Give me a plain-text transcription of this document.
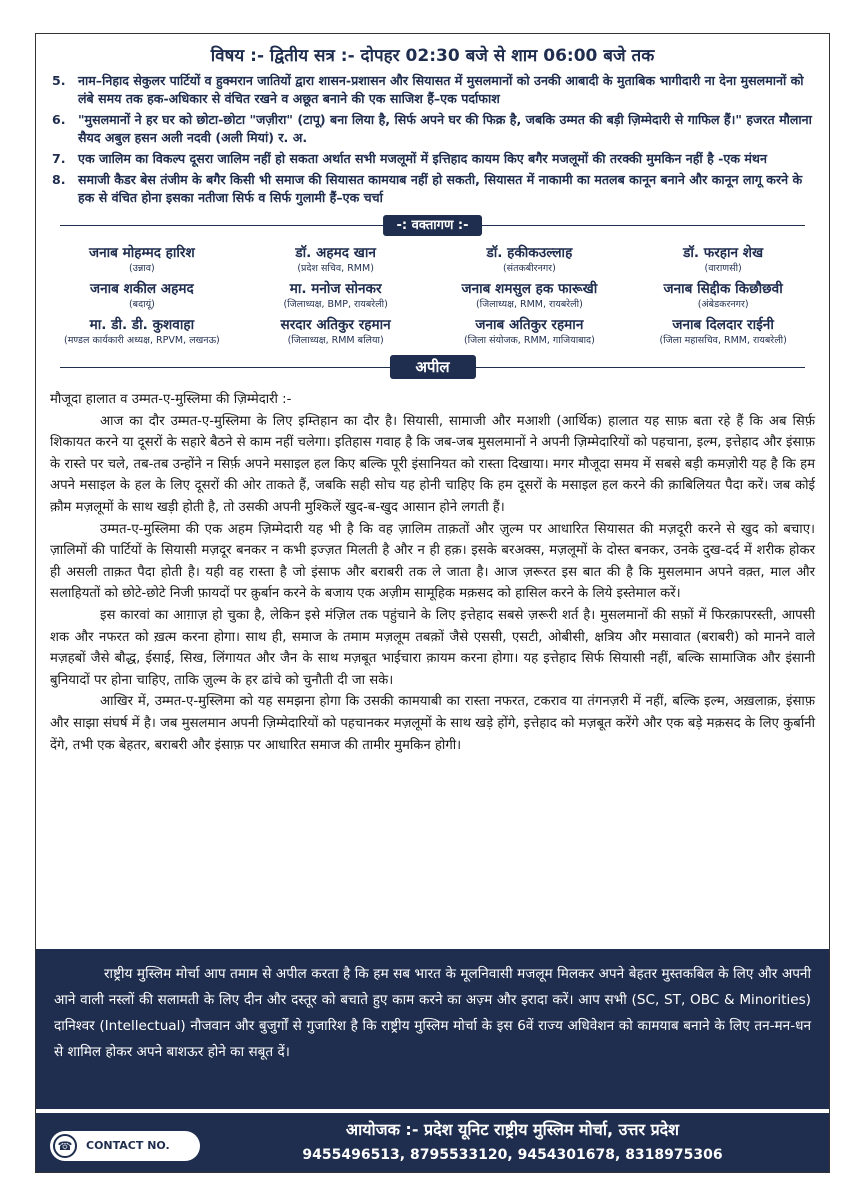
विषय :- द्वितीय सत्र :- दोपहर 02:30 बजे से शाम 06:00 बजे तक
5. नाम–निहाद सेकुलर पार्टियों व हुक्मरान जातियों द्वारा शासन-प्रशासन और सियासत में मुसलमानों को उनकी आबादी के मुताबिक भागीदारी ना देना मुसलमानों को लंबे समय तक हक-अधिकार से वंचित रखने व अछूत बनाने की एक साजिश हैं–एक पर्दाफाश
6. "मुसलमानों ने हर घर को छोटा-छोटा "जज़ीरा" (टापू) बना लिया है, सिर्फ अपने घर की फिक्र है, जबकि उम्मत की बड़ी ज़िम्मेदारी से गाफिल हैं।" हजरत मौलाना सैयद अबुल हसन अली नदवी (अली मियां) र. अ.
7. एक जालिम का विकल्प दूसरा जालिम नहीं हो सकता अर्थात सभी मजलूमों में इत्तिहाद कायम किए बगैर मजलूमों की तरक्की मुमकिन नहीं है -एक मंथन
8. समाजी कैडर बेस तंजीम के बगैर किसी भी समाज की सियासत कामयाब नहीं हो सकती, सियासत में नाकामी का मतलब कानून बनाने और कानून लागू करने के हक से वंचित होना इसका नतीजा सिर्फ व सिर्फ गुलामी हैं–एक चर्चा
-: वक्तागण :-
जनाब मोहम्मद हारिश
(उन्नाव)
डॉ. अहमद खान
(प्रदेश सचिव, RMM)
डॉ. हकीकउल्लाह
(संतकबीरनगर)
डॉ. फरहान शेख
(वाराणसी)
जनाब शकील अहमद
(बदायूं)
मा. मनोज सोनकर
(जिलाध्यक्ष, BMP, रायबरेली)
जनाब शमसुल हक फारूखी
(जिलाध्यक्ष, RMM, रायबरेली)
जनाब सिद्दीक किछौछवी
(अंबेडकरनगर)
मा. डी. डी. कुशवाहा
(मण्डल कार्यकारी अध्यक्ष, RPVM, लखनऊ)
सरदार अतिकुर रहमान
(जिलाध्यक्ष, RMM बलिया)
जनाब अतिकुर रहमान
(जिला संयोजक, RMM, गाजियाबाद)
जनाब दिलदार राईनी
(जिला महासचिव, RMM, रायबरेली)
अपील
मौजूदा हालात व उम्मत-ए-मुस्लिमा की ज़िम्मेदारी :-

आज का दौर उम्मत-ए-मुस्लिमा के लिए इम्तिहान का दौर है। सियासी, सामाजी और मआशी (आर्थिक) हालात यह साफ़ बता रहे हैं कि अब सिर्फ़ शिकायत करने या दूसरों के सहारे बैठने से काम नहीं चलेगा। इतिहास गवाह है कि जब-जब मुसलमानों ने अपनी ज़िम्मेदारियों को पहचाना, इल्म, इत्तेहाद और इंसाफ़ के रास्ते पर चले, तब-तब उन्होंने न सिर्फ़ अपने मसाइल हल किए बल्कि पूरी इंसानियत को रास्ता दिखाया। मगर मौजूदा समय में सबसे बड़ी कमज़ोरी यह है कि हम अपने मसाइल के हल के लिए दूसरों की ओर ताकते हैं, जबकि सही सोच यह होनी चाहिए कि हम दूसरों के मसाइल हल करने की क़ाबिलियत पैदा करें। जब कोई क़ौम मज़लूमों के साथ खड़ी होती है, तो उसकी अपनी मुश्किलें खुद-ब-खुद आसान होने लगती हैं।

उम्मत-ए-मुस्लिमा की एक अहम ज़िम्मेदारी यह भी है कि वह ज़ालिम ताक़तों और ज़ुल्म पर आधारित सियासत की मज़दूरी करने से खुद को बचाए। ज़ालिमों की पार्टियों के सियासी मज़दूर बनकर न कभी इज्ज़त मिलती है और न ही हक़। इसके बरअक्स, मज़लूमों के दोस्त बनकर, उनके दुख-दर्द में शरीक होकर ही असली ताक़त पैदा होती है। यही वह रास्ता है जो इंसाफ और बराबरी तक ले जाता है। आज ज़रूरत इस बात की है कि मुसलमान अपने वक़्त, माल और सलाहियतों को छोटे-छोटे निजी फ़ायदों पर क़ुर्बान करने के बजाय एक अज़ीम सामूहिक मक़सद को हासिल करने के लिये इस्तेमाल करें।

इस कारवां का आग़ाज़ हो चुका है, लेकिन इसे मंज़िल तक पहुंचाने के लिए इत्तेहाद सबसे ज़रूरी शर्त है। मुसलमानों की सफ़ों में फिरक़ापरस्ती, आपसी शक और नफरत को ख़त्म करना होगा। साथ ही, समाज के तमाम मज़लूम तबक़ों जैसे एससी, एसटी, ओबीसी, क्षत्रिय और मसावात (बराबरी) को मानने वाले मज़हबों जैसे बौद्ध, ईसाई, सिख, लिंगायत और जैन के साथ मज़बूत भाईचारा क़ायम करना होगा। यह इत्तेहाद सिर्फ सियासी नहीं, बल्कि सामाजिक और इंसानी बुनियादों पर होना चाहिए, ताकि ज़ुल्म के हर ढांचे को चुनौती दी जा सके।

आखिर में, उम्मत-ए-मुस्लिमा को यह समझना होगा कि उसकी कामयाबी का रास्ता नफरत, टकराव या तंगनज़री में नहीं, बल्कि इल्म, अख़लाक़, इंसाफ़ और साझा संघर्ष में है। जब मुसलमान अपनी ज़िम्मेदारियों को पहचानकर मज़लूमों के साथ खड़े होंगे, इत्तेहाद को मज़बूत करेंगे और एक बड़े मक़सद के लिए कुर्बानी देंगे, तभी एक बेहतर, बराबरी और इंसाफ़ पर आधारित समाज की तामीर मुमकिन होगी।

राष्ट्रीय मुस्लिम मोर्चा आप तमाम से अपील करता है कि हम सब भारत के मूलनिवासी मजलूम मिलकर अपने बेहतर मुस्तकबिल के लिए और अपनी आने वाली नस्लों की सलामती के लिए दीन और दस्तूर को बचाते हुए काम करने का अज़्म और इरादा करें। आप सभी (SC, ST, OBC & Minorities) दानिश्वर (Intellectual) नौजवान और बुजुर्गों से गुजारिश है कि राष्ट्रीय मुस्लिम मोर्चा के इस 6वें राज्य अधिवेशन को कामयाब बनाने के लिए तन-मन-धन से शामिल होकर अपने बाशऊर होने का सबूत दें।
☎	CONTACT NO.
आयोजक :- प्रदेश यूनिट राष्ट्रीय मुस्लिम मोर्चा, उत्तर प्रदेश
9455496513, 8795533120, 9454301678, 8318975306
